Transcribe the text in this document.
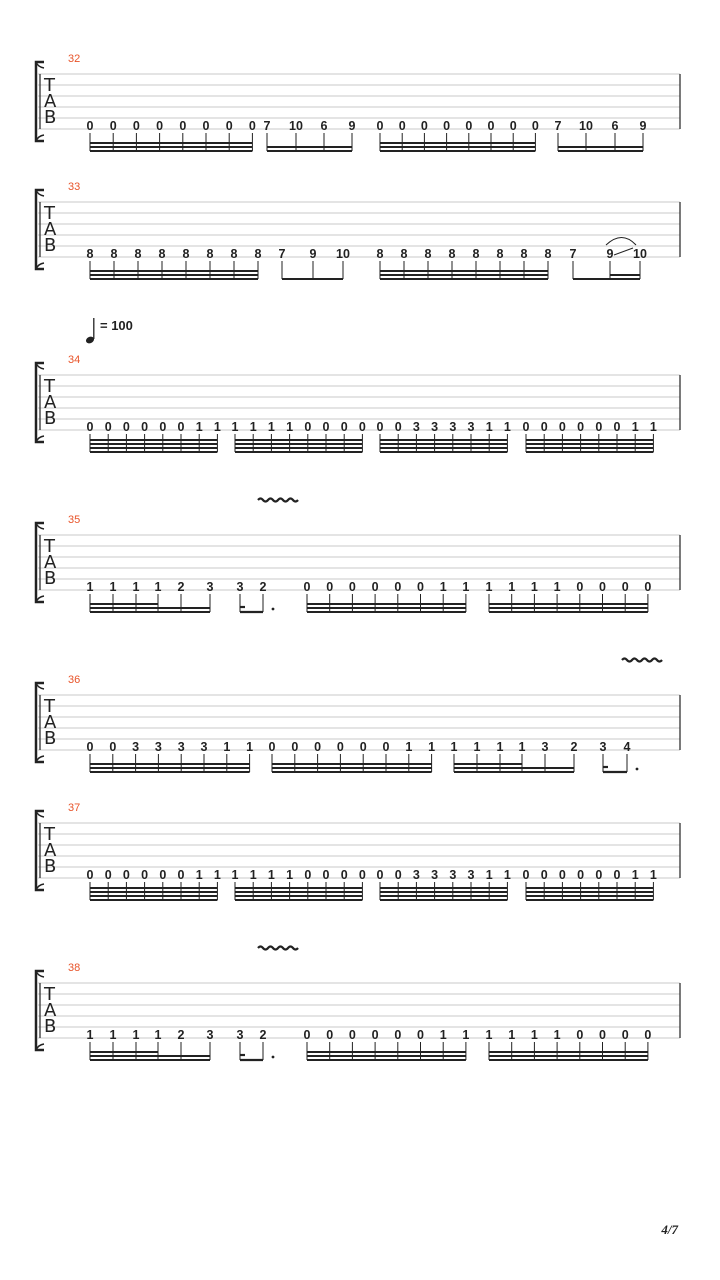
= 100
32
T
A
B 0 0 0 0 0 0 0 0 7 10 6 9 0 0 0 0 0 0 0 0 7 10 6 9
33
T
A
B 8 8 8 8 8 8 8 8 7 9 10 8 8 8 8 8 8 8 8 7 9 10
34
T
A
B 0 0 0 0 0 0 1 1 1 1 1 1 0 0 0 0 0 0 3 3 3 3 1 1 0 0 0 0 0 0 1 1
35
T
A
B 1 1 1 1 2 3 3 2	0 0 0 0 0 0 1 1 1 1 1 1 0 0 0 0
36
T
A
B 0 0 3 3 3 3 1 1 0 0 0 0 0 0 1 1 1 1 1 1 3 2 3 4
37
T
A
B 0 0 0 0 0 0 1 1 1 1 1 1 0 0 0 0 0 0 3 3 3 3 1 1 0 0 0 0 0 0 1 1
38
T
A
B 1 1 1 1 2 3 3 2	0 0 0 0 0 0 1 1 1 1 1 1 0 0 0 0
4/7
